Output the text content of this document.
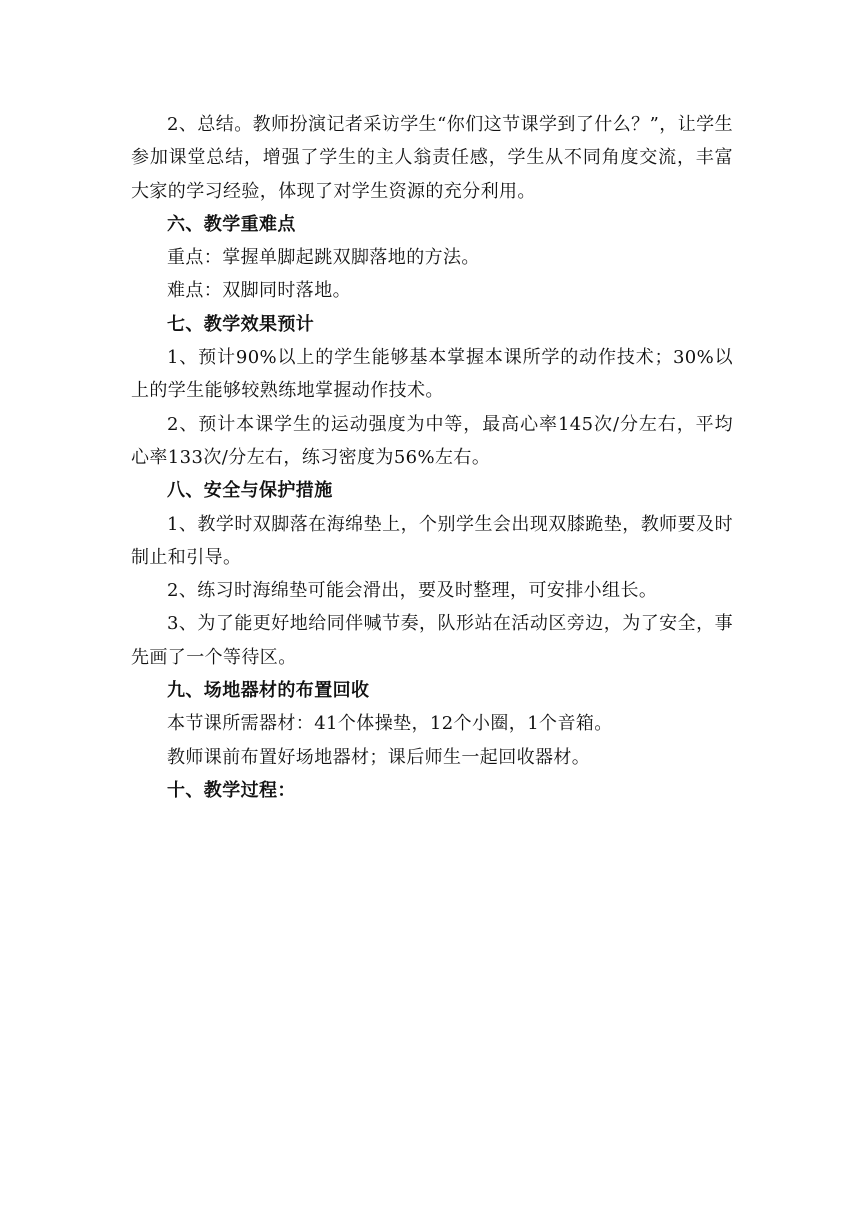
2、总结。教师扮演记者采访学生“你们这节课学到了什么？”，让学生参加课堂总结，增强了学生的主人翁责任感，学生从不同角度交流，丰富大家的学习经验，体现了对学生资源的充分利用。

六、教学重难点

重点：掌握单脚起跳双脚落地的方法。

难点：双脚同时落地。

七、教学效果预计

1、预计90%以上的学生能够基本掌握本课所学的动作技术；30%以上的学生能够较熟练地掌握动作技术。

2、预计本课学生的运动强度为中等，最高心率145次/分左右，平均心率133次/分左右，练习密度为56%左右。

八、安全与保护措施

1、教学时双脚落在海绵垫上，个别学生会出现双膝跪垫，教师要及时制止和引导。

2、练习时海绵垫可能会滑出，要及时整理，可安排小组长。

3、为了能更好地给同伴喊节奏，队形站在活动区旁边，为了安全，事先画了一个等待区。

九、场地器材的布置回收

本节课所需器材：41个体操垫，12个小圈，1个音箱。

教师课前布置好场地器材；课后师生一起回收器材。

十、教学过程：
